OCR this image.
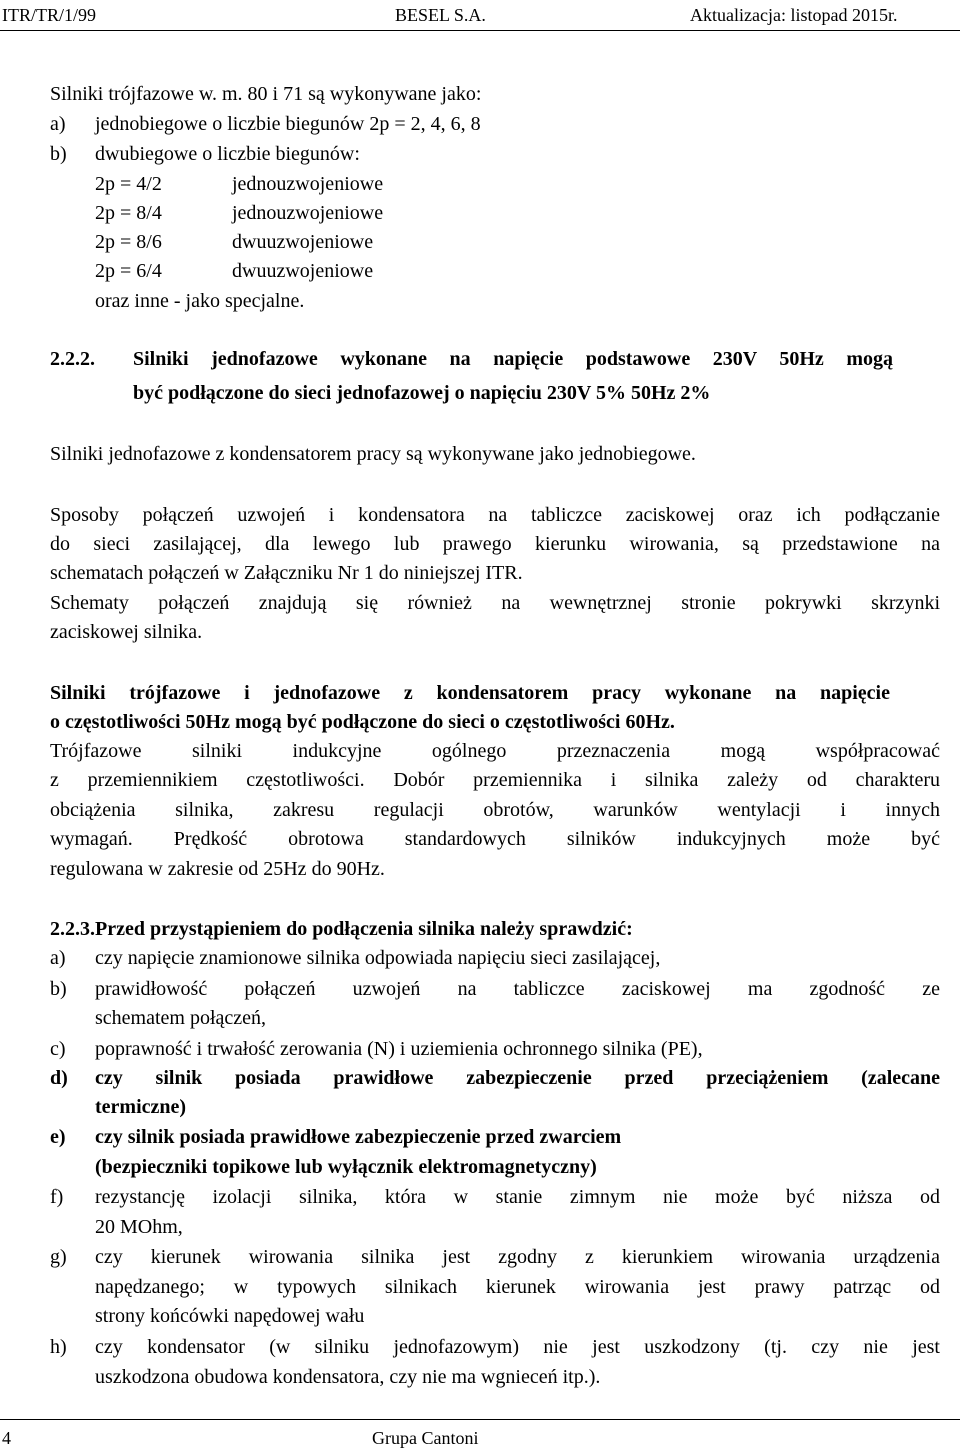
ITR/TR/1/99	BESEL S.A.	Aktualizacja: listopad 2015r.
Silniki trójfazowe w. m. 80 i 71 są wykonywane jako:
a) jednobiegowe o liczbie biegunów 2p = 2, 4, 6, 8
b) dwubiegowe o liczbie biegunów:
2p = 4/2	jednouzwojeniowe
2p = 8/4	jednouzwojeniowe
2p = 8/6	dwuuzwojeniowe
2p = 6/4	dwuuzwojeniowe
oraz inne - jako specjalne.
2.2.2. Silniki jednofazowe wykonane na napięcie podstawowe 230V 50Hz mogą
być podłączone do sieci jednofazowej o napięciu 230V 5% 50Hz 2%
Silniki jednofazowe z kondensatorem pracy są wykonywane jako jednobiegowe.
Sposoby połączeń uzwojeń i kondensatora na tabliczce zaciskowej oraz ich podłączanie
do sieci zasilającej, dla lewego lub prawego kierunku wirowania, są przedstawione na
schematach połączeń w Załączniku Nr 1 do niniejszej ITR.
Schematy połączeń znajdują się również na wewnętrznej stronie pokrywki skrzynki
zaciskowej silnika.
Silniki trójfazowe i jednofazowe z kondensatorem pracy wykonane na napięcie
o częstotliwości 50Hz mogą być podłączone do sieci o częstotliwości 60Hz.
Trójfazowe silniki indukcyjne ogólnego przeznaczenia mogą współpracować
z przemiennikiem częstotliwości. Dobór przemiennika i silnika zależy od charakteru
obciążenia silnika, zakresu regulacji obrotów, warunków wentylacji i innych
wymagań. Prędkość obrotowa standardowych silników indukcyjnych może być
regulowana w zakresie od 25Hz do 90Hz.
2.2.3. Przed przystąpieniem do podłączenia silnika należy sprawdzić:
a) czy napięcie znamionowe silnika odpowiada napięciu sieci zasilającej,
b) prawidłowość połączeń uzwojeń na tabliczce zaciskowej ma zgodność ze
schematem połączeń,
c) poprawność i trwałość zerowania (N) i uziemienia ochronnego silnika (PE),
d) czy silnik posiada prawidłowe zabezpieczenie przed przeciążeniem (zalecane
termiczne)
e) czy silnik posiada prawidłowe zabezpieczenie przed zwarciem
(bezpieczniki topikowe lub wyłącznik elektromagnetyczny)
f) rezystancję izolacji silnika, która w stanie zimnym nie może być niższa od
20 MOhm,
g) czy kierunek wirowania silnika jest zgodny z kierunkiem wirowania urządzenia
napędzanego; w typowych silnikach kierunek wirowania jest prawy patrząc od
strony końcówki napędowej wału
h) czy kondensator (w silniku jednofazowym) nie jest uszkodzony (tj. czy nie jest
uszkodzona obudowa kondensatora, czy nie ma wgnieceń itp.).
4	Grupa Cantoni
